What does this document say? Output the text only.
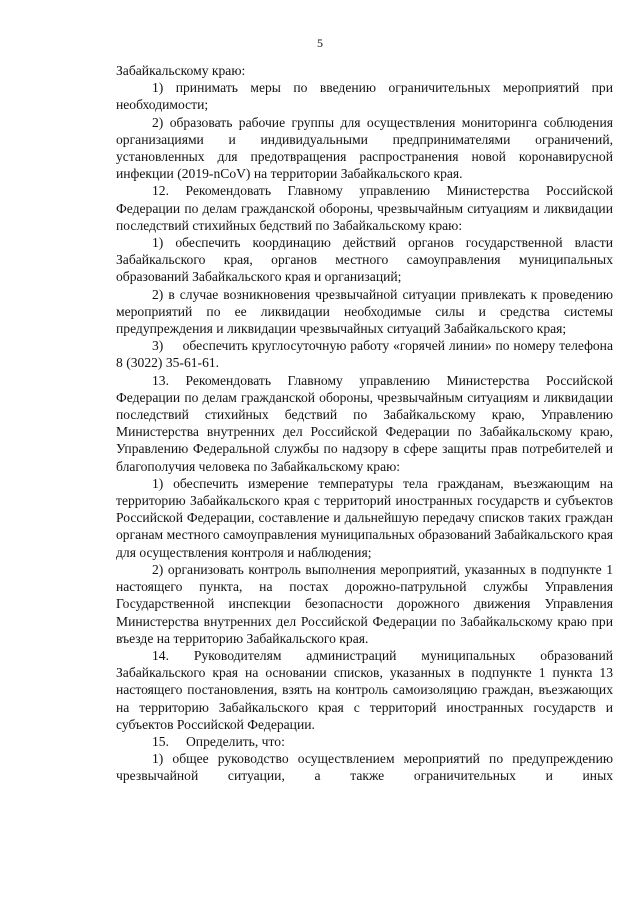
5

Забайкальскому краю:

1) принимать меры по введению ограничительных мероприятий при необходимости;

2) образовать рабочие группы для осуществления мониторинга соблюдения организациями и индивидуальными предпринимателями ограничений, установленных для предотвращения распространения новой коронавирусной инфекции (2019-nCoV) на территории Забайкальского края.

12. Рекомендовать Главному управлению Министерства Российской Федерации по делам гражданской обороны, чрезвычайным ситуациям и ликвидации последствий стихийных бедствий по Забайкальскому краю:

1) обеспечить координацию действий органов государственной власти Забайкальского края, органов местного самоуправления муниципальных образований Забайкальского края и организаций;

2) в случае возникновения чрезвычайной ситуации привлекать к проведению мероприятий по ее ликвидации необходимые силы и средства системы предупреждения и ликвидации чрезвычайных ситуаций Забайкальского края;

3)     обеспечить круглосуточную работу «горячей линии» по номеру телефона 8 (3022) 35-61-61.

13. Рекомендовать Главному управлению Министерства Российской Федерации по делам гражданской обороны, чрезвычайным ситуациям и ликвидации последствий стихийных бедствий по Забайкальскому краю, Управлению Министерства внутренних дел Российской Федерации по Забайкальскому краю, Управлению Федеральной службы по надзору в сфере защиты прав потребителей и благополучия человека по Забайкальскому краю:

1) обеспечить измерение температуры тела гражданам, въезжающим на территорию Забайкальского края с территорий иностранных государств и субъектов Российской Федерации, составление и дальнейшую передачу списков таких граждан органам местного самоуправления муниципальных образований Забайкальского края для осуществления контроля и наблюдения;

2) организовать контроль выполнения мероприятий, указанных в подпункте 1 настоящего пункта, на постах дорожно-патрульной службы Управления Государственной инспекции безопасности дорожного движения Управления Министерства внутренних дел Российской Федерации по Забайкальскому краю при въезде на территорию Забайкальского края.

14. Руководителям администраций муниципальных образований Забайкальского края на основании списков, указанных в подпункте 1 пункта 13 настоящего постановления, взять на контроль самоизоляцию граждан, въезжающих на территорию Забайкальского края с территорий иностранных государств и субъектов Российской Федерации.

15.     Определить, что:

1) общее руководство осуществлением мероприятий по предупреждению чрезвычайной ситуации, а также ограничительных и иных
